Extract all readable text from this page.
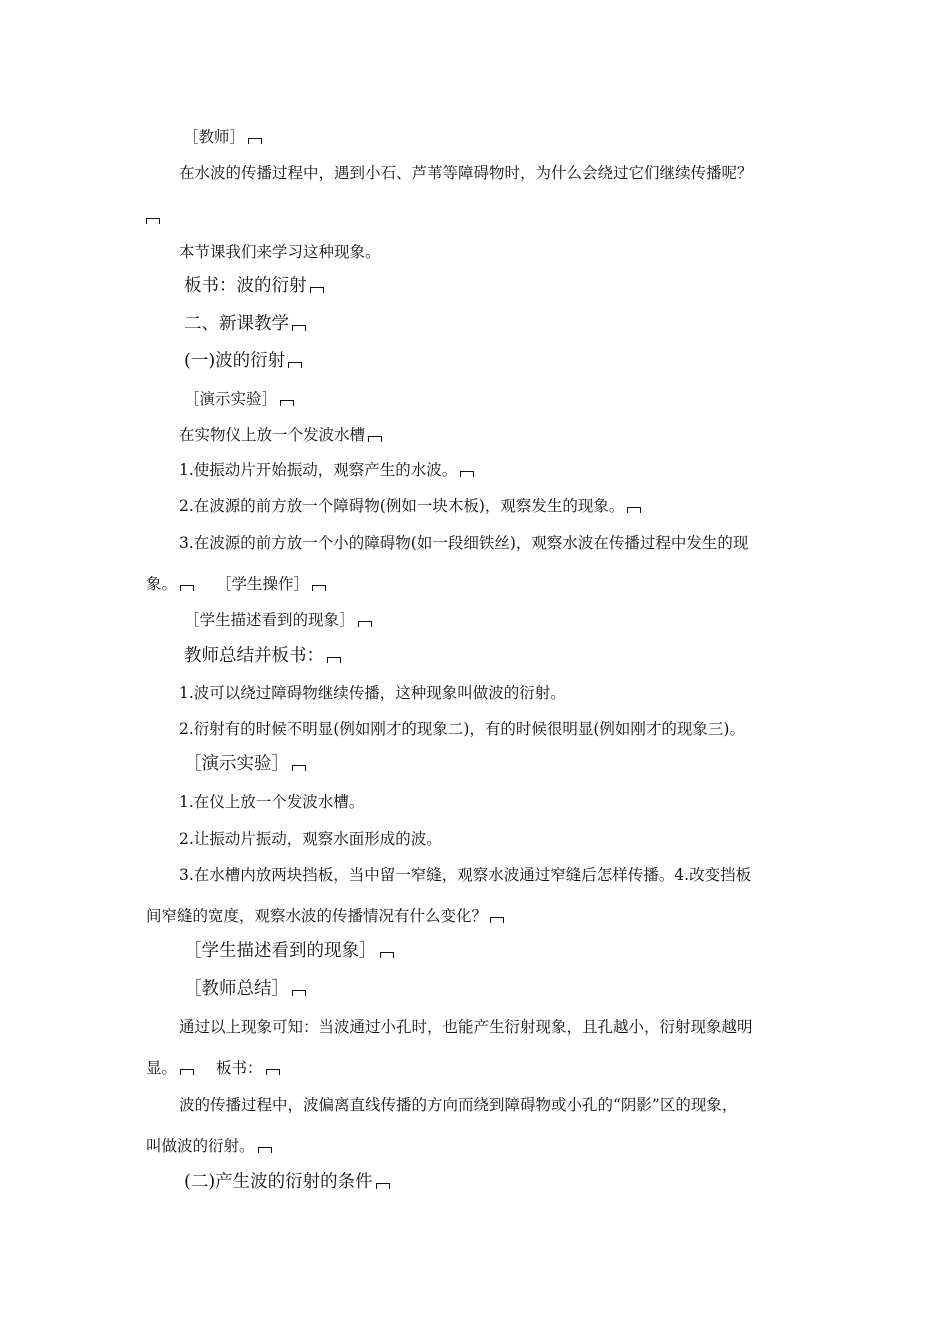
［教师］
在水波的传播过程中，遇到小石、芦苇等障碍物时，为什么会绕过它们继续传播呢？
本节课我们来学习这种现象。
板书：波的衍射
二、新课教学
(一)波的衍射
［演示实验］
在实物仪上放一个发波水槽
1.使振动片开始振动，观察产生的水波。
2.在波源的前方放一个障碍物(例如一块木板)，观察发生的现象。
3.在波源的前方放一个小的障碍物(如一段细铁丝)，观察水波在传播过程中发生的现
象。	［学生操作］
［学生描述看到的现象］
教师总结并板书：
1.波可以绕过障碍物继续传播，这种现象叫做波的衍射。
2.衍射有的时候不明显(例如刚才的现象二)，有的时候很明显(例如刚才的现象三)。
［演示实验］
1.在仪上放一个发波水槽。
2.让振动片振动，观察水面形成的波。
3.在水槽内放两块挡板，当中留一窄缝，观察水波通过窄缝后怎样传播。4.改变挡板
间窄缝的宽度，观察水波的传播情况有什么变化？
［学生描述看到的现象］
［教师总结］
通过以上现象可知：当波通过小孔时，也能产生衍射现象，且孔越小，衍射现象越明
显。	板书：
波的传播过程中，波偏离直线传播的方向而绕到障碍物或小孔的“阴影”区的现象，
叫做波的衍射。
(二)产生波的衍射的条件
